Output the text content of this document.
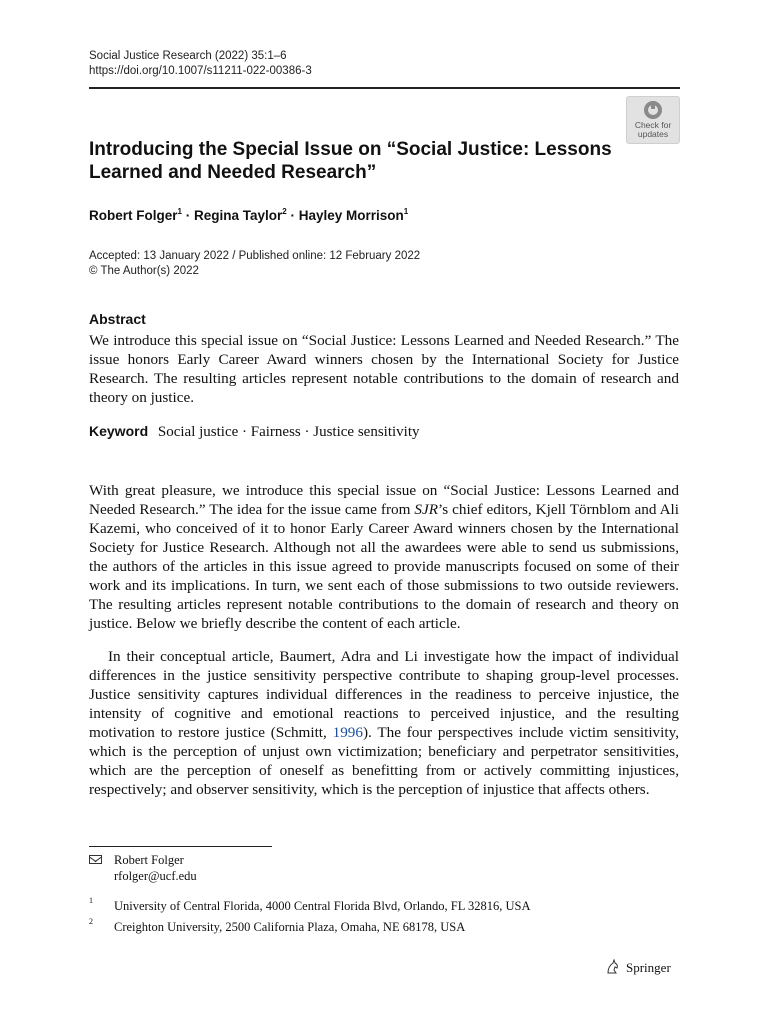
Social Justice Research (2022) 35:1–6
https://doi.org/10.1007/s11211-022-00386-3
Check for
updates
Introducing the Special Issue on “Social Justice: Lessons Learned and Needed Research”
Robert Folger$^1$ · Regina Taylor$^2$ · Hayley Morrison$^1$
Accepted: 13 January 2022 / Published online: 12 February 2022
© The Author(s) 2022
Abstract

We introduce this special issue on “Social Justice: Lessons Learned and Needed Research.” The issue honors Early Career Award winners chosen by the International Society for Justice Research. The resulting articles represent notable contributions to the domain of research and theory on justice.

Keyword Social justice · Fairness · Justice sensitivity

With great pleasure, we introduce this special issue on “Social Justice: Lessons Learned and Needed Research.” The idea for the issue came from SJR’s chief editors, Kjell Törnblom and Ali Kazemi, who conceived of it to honor Early Career Award winners chosen by the International Society for Justice Research. Although not all the awardees were able to send us submissions, the authors of the articles in this issue agreed to provide manuscripts focused on some of their work and its implications. In turn, we sent each of those submissions to two outside reviewers. The resulting articles represent notable contributions to the domain of research and theory on justice. Below we briefly describe the content of each article.

In their conceptual article, Baumert, Adra and Li investigate how the impact of individual differences in the justice sensitivity perspective contribute to shaping group-level processes. Justice sensitivity captures individual differences in the readiness to perceive injustice, the intensity of cognitive and emotional reactions to perceived injustice, and the resulting motivation to restore justice (Schmitt, 1996). The four perspectives include victim sensitivity, which is the perception of unjust own victimization; beneficiary and perpetrator sensitivities, which are the perception of oneself as benefitting from or actively committing injustices, respectively; and observer sensitivity, which is the perception of injustice that affects others.

Robert Folger
rfolger@ucf.edu
1 University of Central Florida, 4000 Central Florida Blvd, Orlando, FL 32816, USA
2 Creighton University, 2500 California Plaza, Omaha, NE 68178, USA
Springer
